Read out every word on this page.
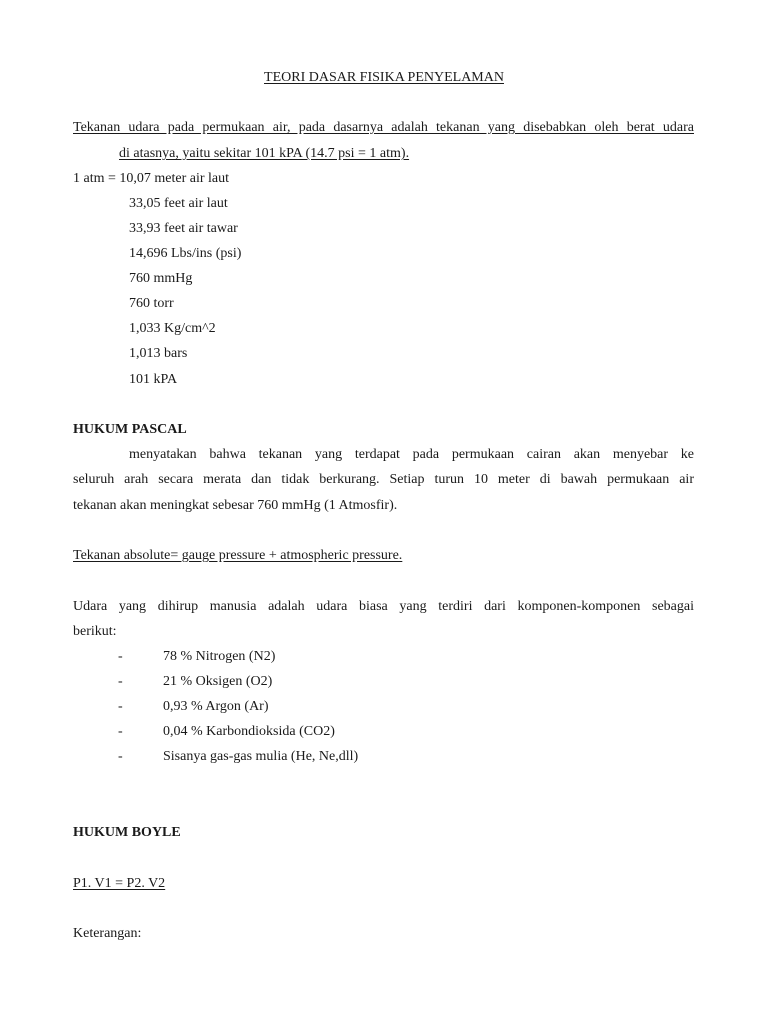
TEORI DASAR FISIKA PENYELAMAN
Tekanan udara pada permukaan air, pada dasarnya adalah tekanan yang disebabkan oleh berat udara
di atasnya, yaitu sekitar 101 kPA (14.7 psi = 1 atm).
1 atm = 10,07 meter air laut
33,05 feet air laut
33,93 feet air tawar
14,696 Lbs/ins (psi)
760 mmHg
760 torr
1,033 Kg/cm^2
1,013 bars
101 kPA
HUKUM PASCAL
menyatakan bahwa tekanan yang terdapat pada permukaan cairan akan menyebar ke
seluruh arah secara merata dan tidak berkurang. Setiap turun 10 meter di bawah permukaan air
tekanan akan meningkat sebesar 760 mmHg (1 Atmosfir).
Tekanan absolute= gauge pressure + atmospheric pressure.
Udara yang dihirup manusia adalah udara biasa yang terdiri dari komponen-komponen sebagai
berikut:
-	78 % Nitrogen (N2)
-	21 % Oksigen (O2)
-	0,93 % Argon (Ar)
-	0,04 % Karbondioksida (CO2)
-	Sisanya gas-gas mulia (He, Ne,dll)
HUKUM BOYLE
P1. V1 = P2. V2
Keterangan:
